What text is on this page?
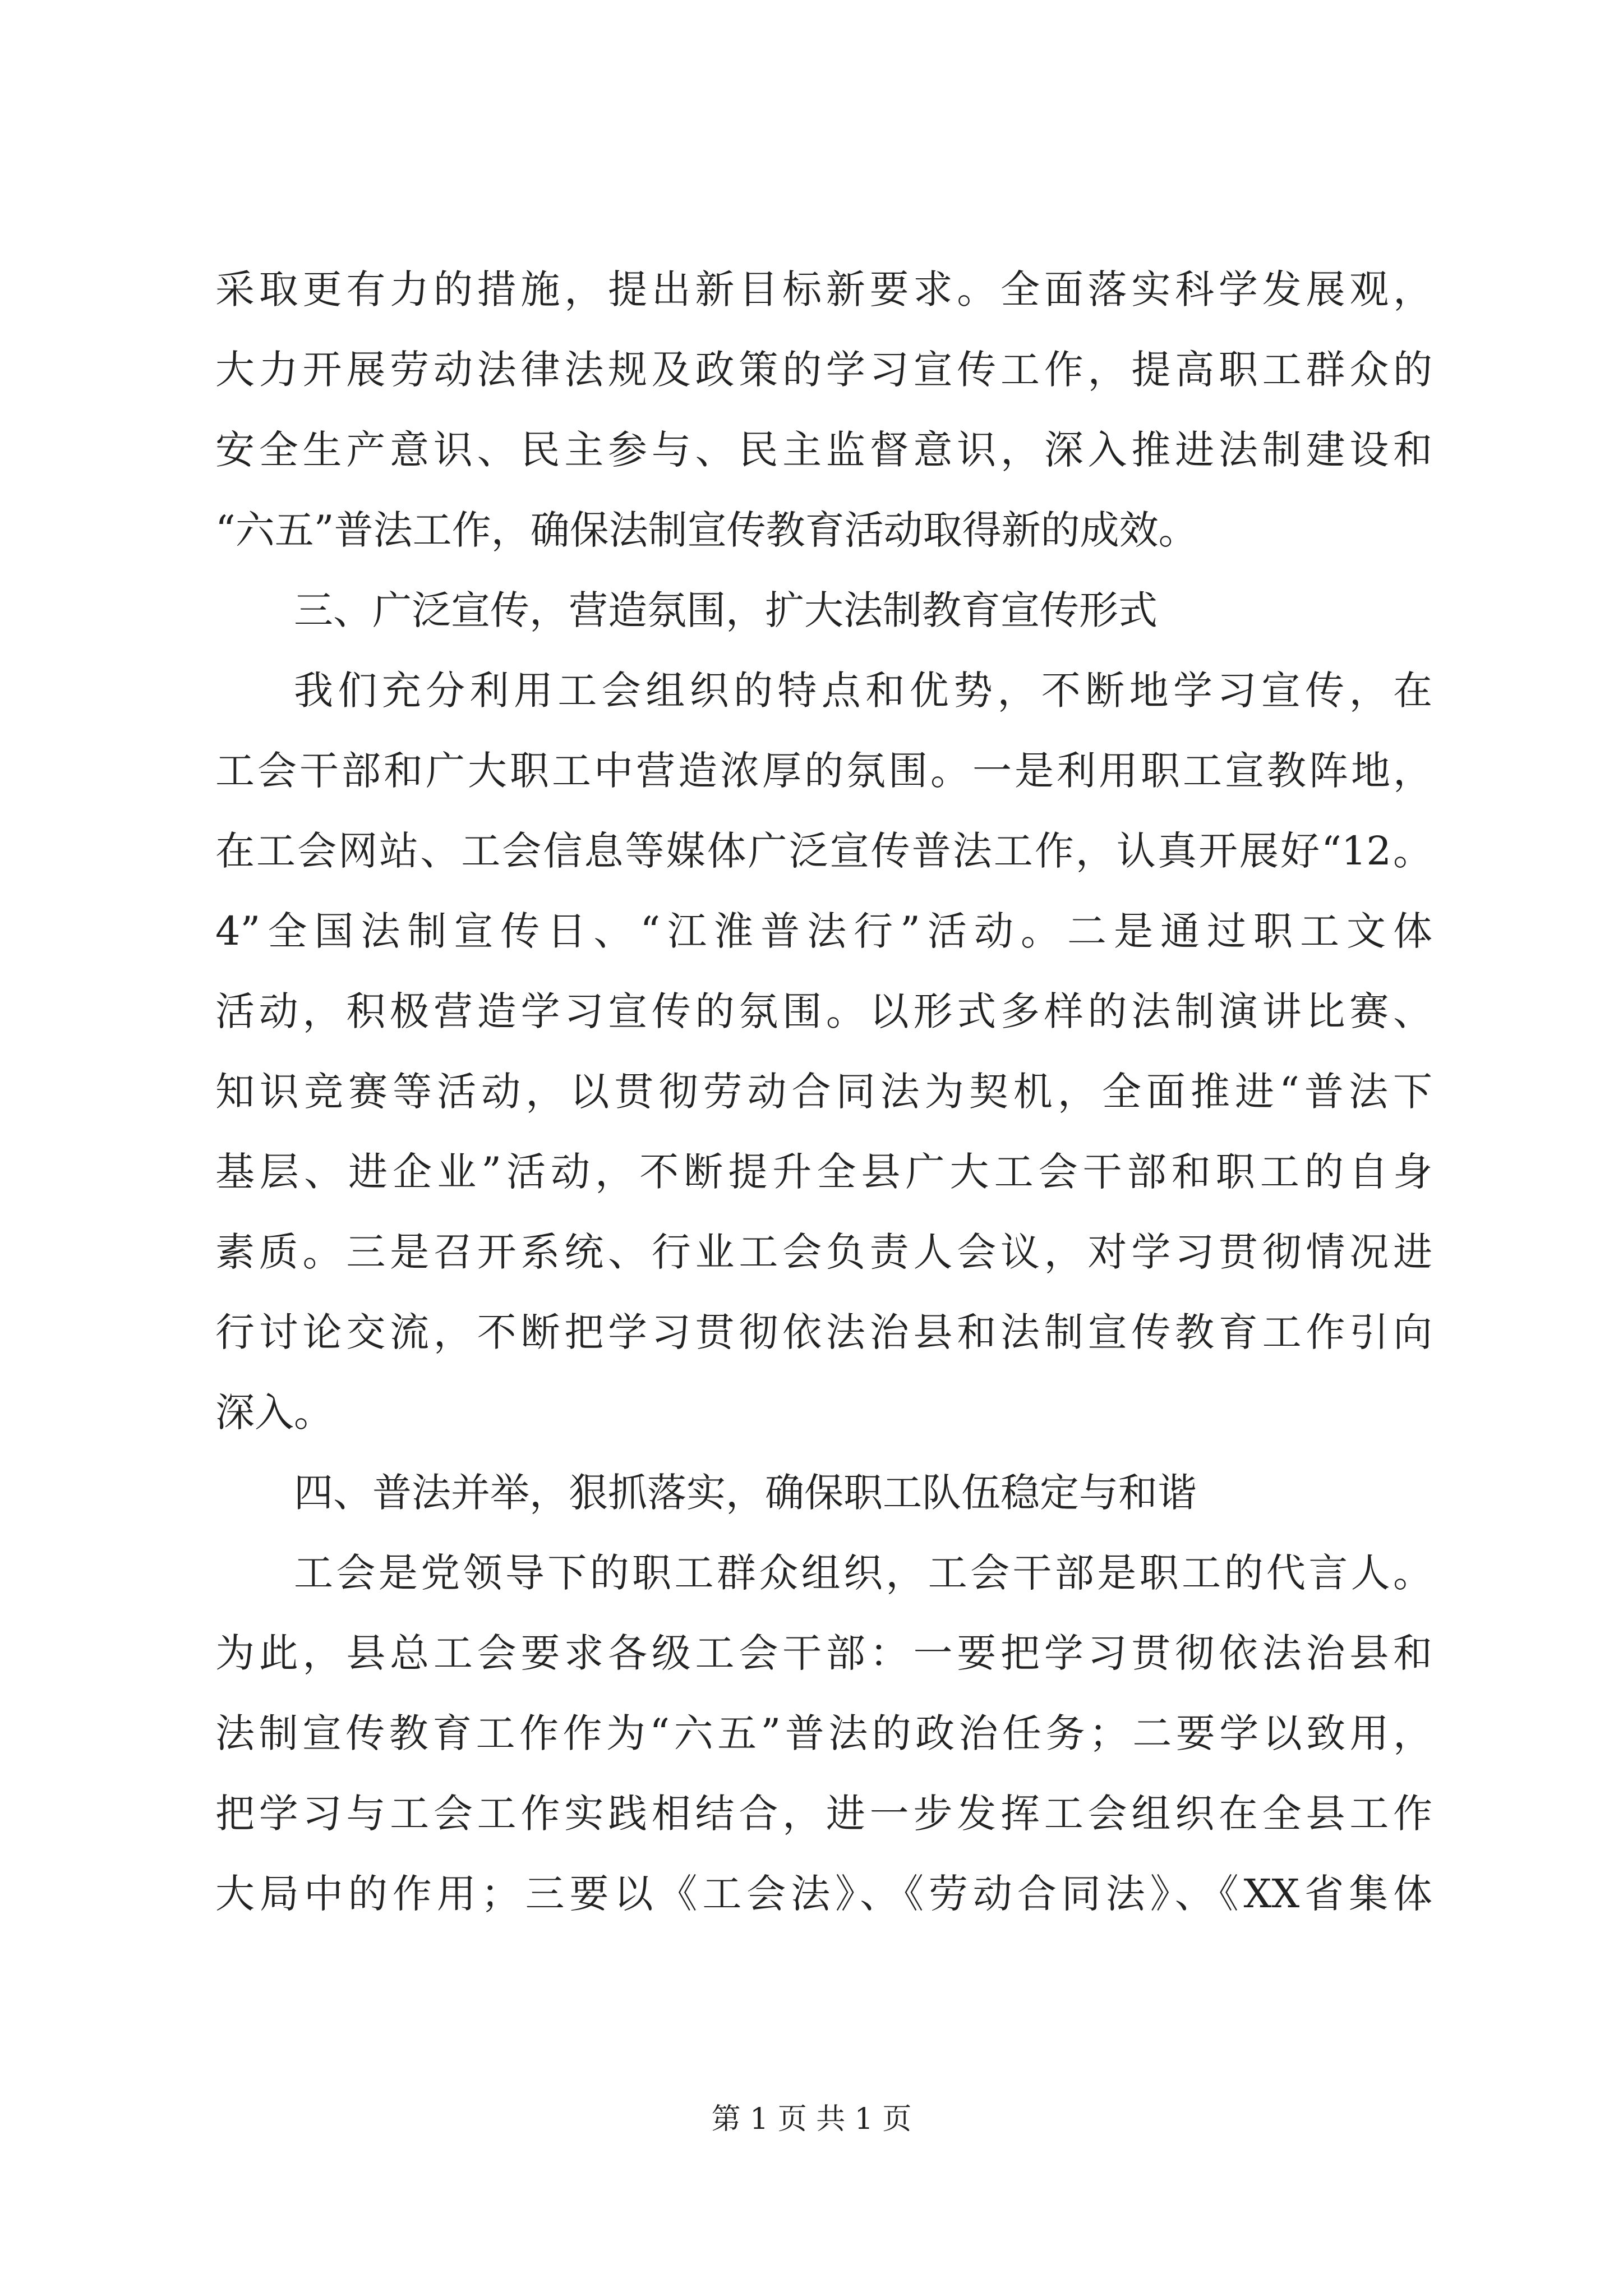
采取更有力的措施，提出新目标新要求。全面落实科学发展观，
大力开展劳动法律法规及政策的学习宣传工作，提高职工群众的
安全生产意识、民主参与、民主监督意识，深入推进法制建设和
“六五”普法工作，确保法制宣传教育活动取得新的成效。
三、广泛宣传，营造氛围，扩大法制教育宣传形式
我们充分利用工会组织的特点和优势，不断地学习宣传，在
工会干部和广大职工中营造浓厚的氛围。一是利用职工宣教阵地，
在工会网站、工会信息等媒体广泛宣传普法工作，认真开展好“12。
4”全国法制宣传日、“江淮普法行”活动。二是通过职工文体
活动，积极营造学习宣传的氛围。以形式多样的法制演讲比赛、
知识竞赛等活动，以贯彻劳动合同法为契机，全面推进“普法下
基层、进企业”活动，不断提升全县广大工会干部和职工的自身
素质。三是召开系统、行业工会负责人会议，对学习贯彻情况进
行讨论交流，不断把学习贯彻依法治县和法制宣传教育工作引向
深入。
四、普法并举，狠抓落实，确保职工队伍稳定与和谐
工会是党领导下的职工群众组织，工会干部是职工的代言人。
为此，县总工会要求各级工会干部：一要把学习贯彻依法治县和
法制宣传教育工作作为“六五”普法的政治任务；二要学以致用，
把学习与工会工作实践相结合，进一步发挥工会组织在全县工作
大局中的作用；三要以《工会法》、《劳动合同法》、《XX省集体
第 1 页 共 1 页
